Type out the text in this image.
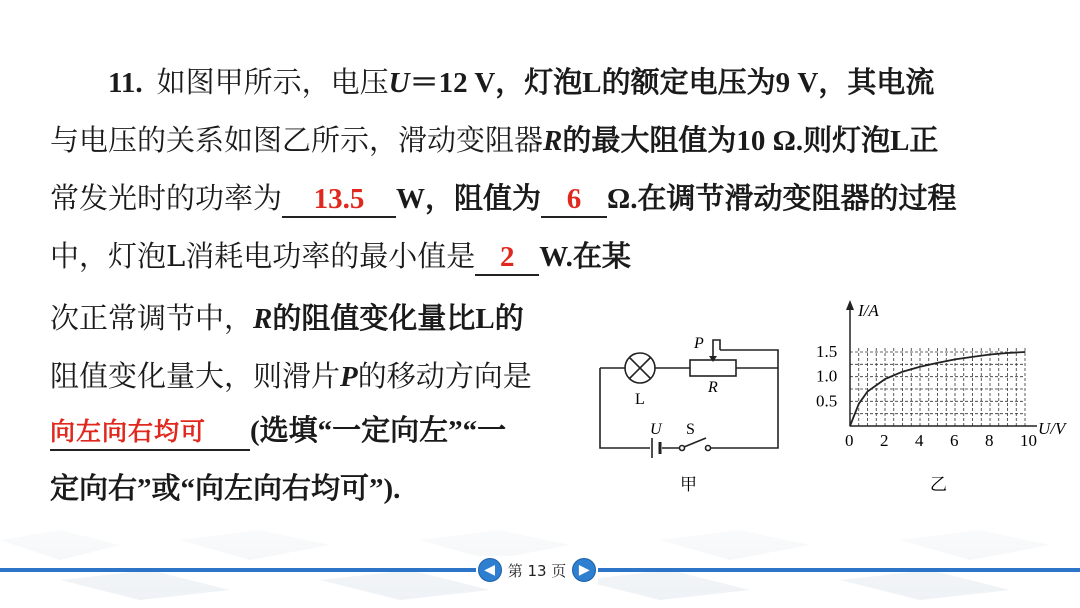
11. 如图甲所示，电压U＝12 V，灯泡L的额定电压为9 V，其电流
与电压的关系如图乙所示，滑动变阻器R的最大阻值为10 Ω.则灯泡L正
常发光时的功率为 13.5 W，阻值为 6 Ω.在调节滑动变阻器的过程
中，灯泡L消耗电功率的最小值是 2 W.在某
次正常调节中，R的阻值变化量比L的
阻值变化量大，则滑片P的移动方向是
向左向右均可 (选填“一定向左”“一
定向右”或“向左向右均可”).
P
R
L
U S
甲
0 2 4 6 8 10
0.5
1.0
1.5
I/A
U/V
乙
◀ 第 13 页 ▶
